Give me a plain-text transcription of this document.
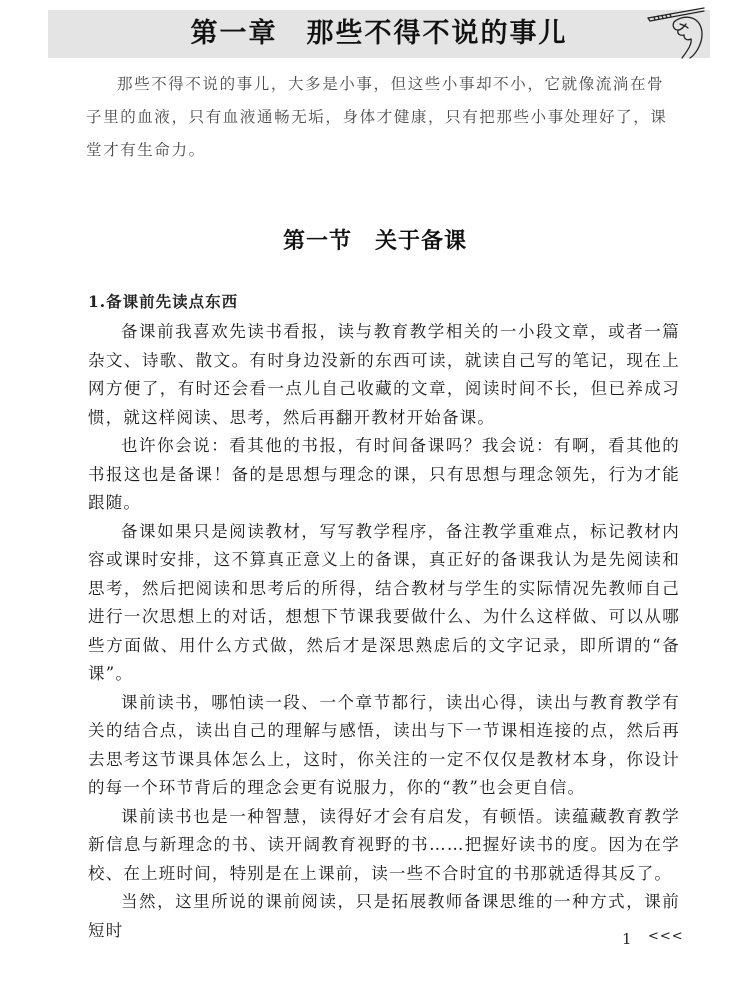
第一章　那些不得不说的事儿

那些不得不说的事儿，大多是小事，但这些小事却不小，它就像流淌在骨子里的血液，只有血液通畅无垢，身体才健康，只有把那些小事处理好了，课堂才有生命力。

第一节　关于备课
1.备课前先读点东西

备课前我喜欢先读书看报，读与教育教学相关的一小段文章，或者一篇杂文、诗歌、散文。有时身边没新的东西可读，就读自己写的笔记，现在上网方便了，有时还会看一点儿自己收藏的文章，阅读时间不长，但已养成习惯，就这样阅读、思考，然后再翻开教材开始备课。

也许你会说：看其他的书报，有时间备课吗？我会说：有啊，看其他的书报这也是备课！备的是思想与理念的课，只有思想与理念领先，行为才能跟随。

备课如果只是阅读教材，写写教学程序，备注教学重难点，标记教材内容或课时安排，这不算真正意义上的备课，真正好的备课我认为是先阅读和思考，然后把阅读和思考后的所得，结合教材与学生的实际情况先教师自己进行一次思想上的对话，想想下节课我要做什么、为什么这样做、可以从哪些方面做、用什么方式做，然后才是深思熟虑后的文字记录，即所谓的“备课”。

课前读书，哪怕读一段、一个章节都行，读出心得，读出与教育教学有关的结合点，读出自己的理解与感悟，读出与下一节课相连接的点，然后再去思考这节课具体怎么上，这时，你关注的一定不仅仅是教材本身，你设计的每一个环节背后的理念会更有说服力，你的“教”也会更自信。

课前读书也是一种智慧，读得好才会有启发，有顿悟。读蕴藏教育教学新信息与新理念的书、读开阔教育视野的书……把握好读书的度。因为在学校、在上班时间，特别是在上课前，读一些不合时宜的书那就适得其反了。

当然，这里所说的课前阅读，只是拓展教师备课思维的一种方式，课前短时	1 <<<
